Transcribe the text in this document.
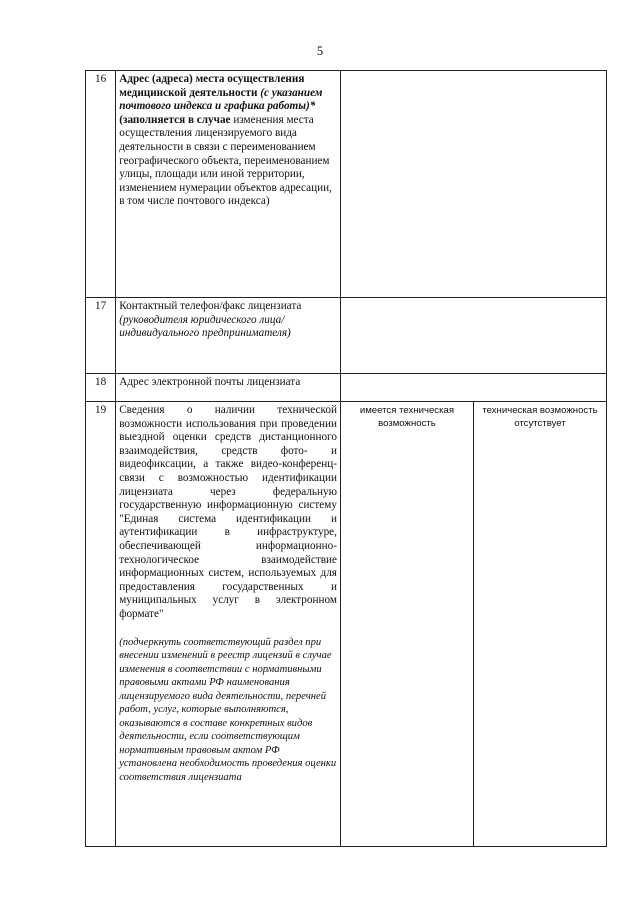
5
16	Адрес (адреса) места осуществления медицинской деятельности (с указанием почтового индекса и графика работы)*
(заполняется в случае изменения места осуществления лицензируемого вида деятельности в связи с переименованием географического объекта, переименованием улицы, площади или иной территории, изменением нумерации объектов адресации, в том числе почтового индекса)		
17	Контактный телефон/факс лицензиата
(руководителя юридического лица/индивидуального предпринимателя)		
18	Адрес электронной почты лицензиата		
19	Сведения о наличии технической возможности использования при проведении выездной оценки средств дистанционного взаимодействия, средств фото- и видеофиксации, а также видео-конференц-связи с возможностью идентификации лицензиата через федеральную государственную информационную систему "Единая система идентификации и аутентификации в инфраструктуре, обеспечивающей информационно-технологическое взаимодействие информационных систем, используемых для предоставления государственных и муниципальных услуг в электронном формате"
(подчеркнуть соответствующий раздел при внесении изменений в реестр лицензий в случае изменения в соответствии с нормативными правовыми актами РФ наименования лицензируемого вида деятельности, перечней работ, услуг, которые выполняются, оказываются в составе конкретных видов деятельности, если соответствующим нормативным правовым актом РФ установлена необходимость проведения оценки соответствия лицензиата	имеется техническая возможность	техническая возможность отсутствует
